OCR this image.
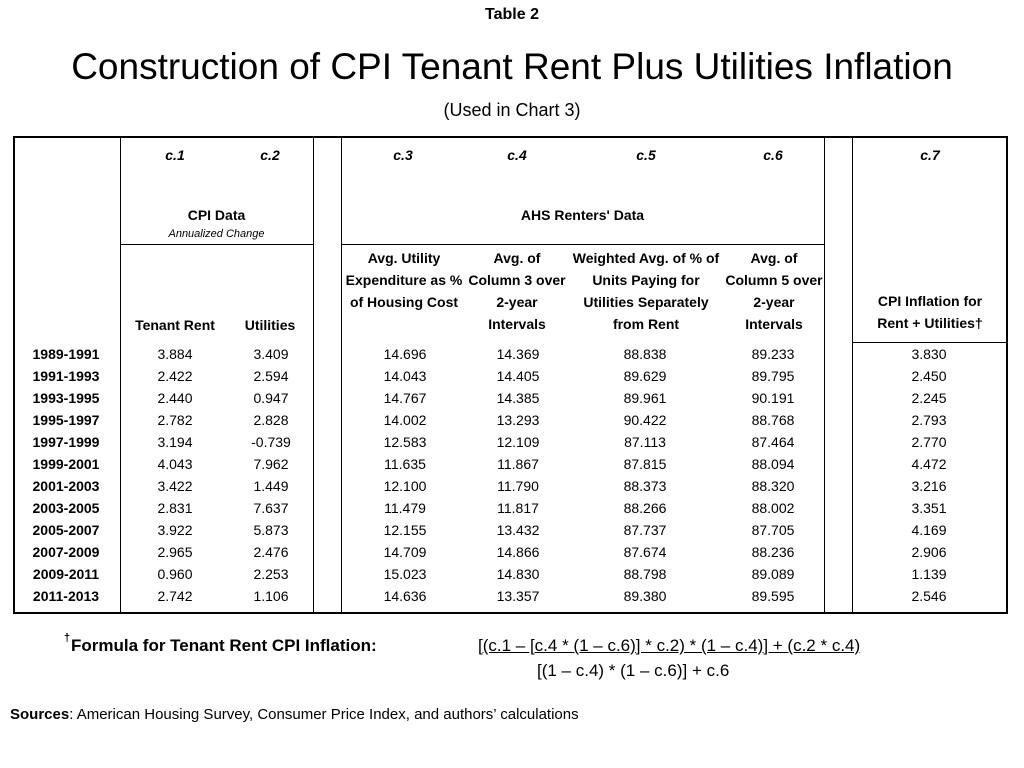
Table 2
Construction of CPI Tenant Rent Plus Utilities Inflation
(Used in Chart 3)
c.1	c.2	c.3	c.4	c.5	c.6	c.7
CPI Data
Annualized Change
AHS Renters' Data
Tenant Rent	Utilities
Avg. Utility Expenditure as % of Housing Cost
Avg. of Column 3 over 2-year Intervals
Weighted Avg. of % of Units Paying for Utilities Separately from Rent
Avg. of Column 5 over 2-year Intervals
CPI Inflation for Rent + Utilities†
1989-1991	3.884	3.409	14.696	14.369	88.838	89.233	3.830
1991-1993	2.422	2.594	14.043	14.405	89.629	89.795	2.450
1993-1995	2.440	0.947	14.767	14.385	89.961	90.191	2.245
1995-1997	2.782	2.828	14.002	13.293	90.422	88.768	2.793
1997-1999	3.194	-0.739	12.583	12.109	87.113	87.464	2.770
1999-2001	4.043	7.962	11.635	11.867	87.815	88.094	4.472
2001-2003	3.422	1.449	12.100	11.790	88.373	88.320	3.216
2003-2005	2.831	7.637	11.479	11.817	88.266	88.002	3.351
2005-2007	3.922	5.873	12.155	13.432	87.737	87.705	4.169
2007-2009	2.965	2.476	14.709	14.866	87.674	88.236	2.906
2009-2011	0.960	2.253	15.023	14.830	88.798	89.089	1.139
2011-2013	2.742	1.106	14.636	13.357	89.380	89.595	2.546
† Formula for Tenant Rent CPI Inflation:	[(c.1 – [c.4 * (1 – c.6)] * c.2) * (1 – c.4)] + (c.2 * c.4)
[(1 – c.4) * (1 – c.6)] + c.6
Sources: American Housing Survey, Consumer Price Index, and authors’ calculations
